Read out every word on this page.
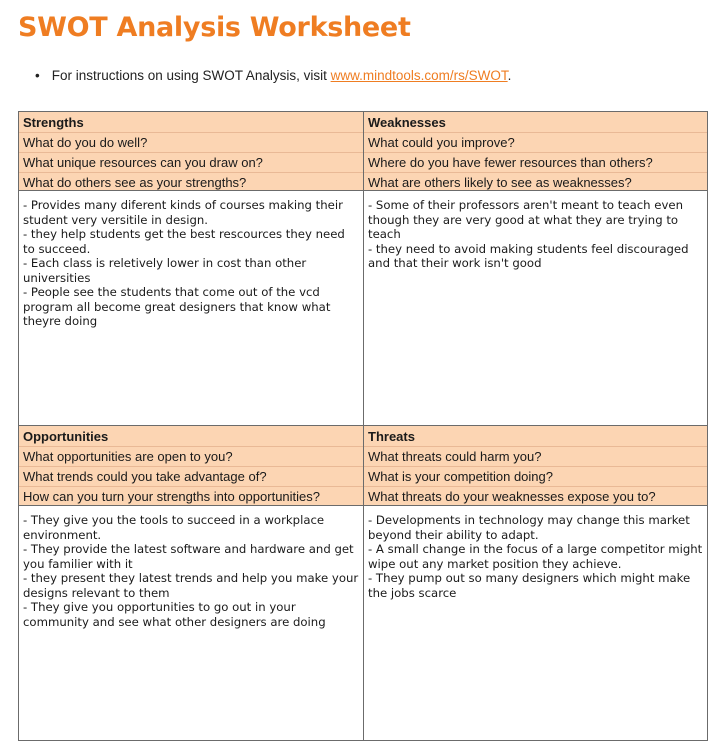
SWOT Analysis Worksheet
• For instructions on using SWOT Analysis, visit www.mindtools.com/rs/SWOT.
Strengths
What do you do well?
What unique resources can you draw on?
What do others see as your strengths?
- Provides many diferent kinds of courses making their
student very versitile in design.
- they help students get the best rescources they need
to succeed.
- Each class is reletively lower in cost than other
universities
- People see the students that come out of the vcd
program all become great designers that know what
theyre doing
Weaknesses
What could you improve?
Where do you have fewer resources than others?
What are others likely to see as weaknesses?
- Some of their professors aren't meant to teach even
though they are very good at what they are trying to
teach
- they need to avoid making students feel discouraged
and that their work isn't good
Opportunities
What opportunities are open to you?
What trends could you take advantage of?
How can you turn your strengths into opportunities?
- They give you the tools to succeed in a workplace
environment.
- They provide the latest software and hardware and get
you familier with it
- they present they latest trends and help you make your
designs relevant to them
- They give you opportunities to go out in your
community and see what other designers are doing
Threats
What threats could harm you?
What is your competition doing?
What threats do your weaknesses expose you to?
- Developments in technology may change this market
beyond their ability to adapt.
- A small change in the focus of a large competitor might
wipe out any market position they achieve.
- They pump out so many designers which might make
the jobs scarce
